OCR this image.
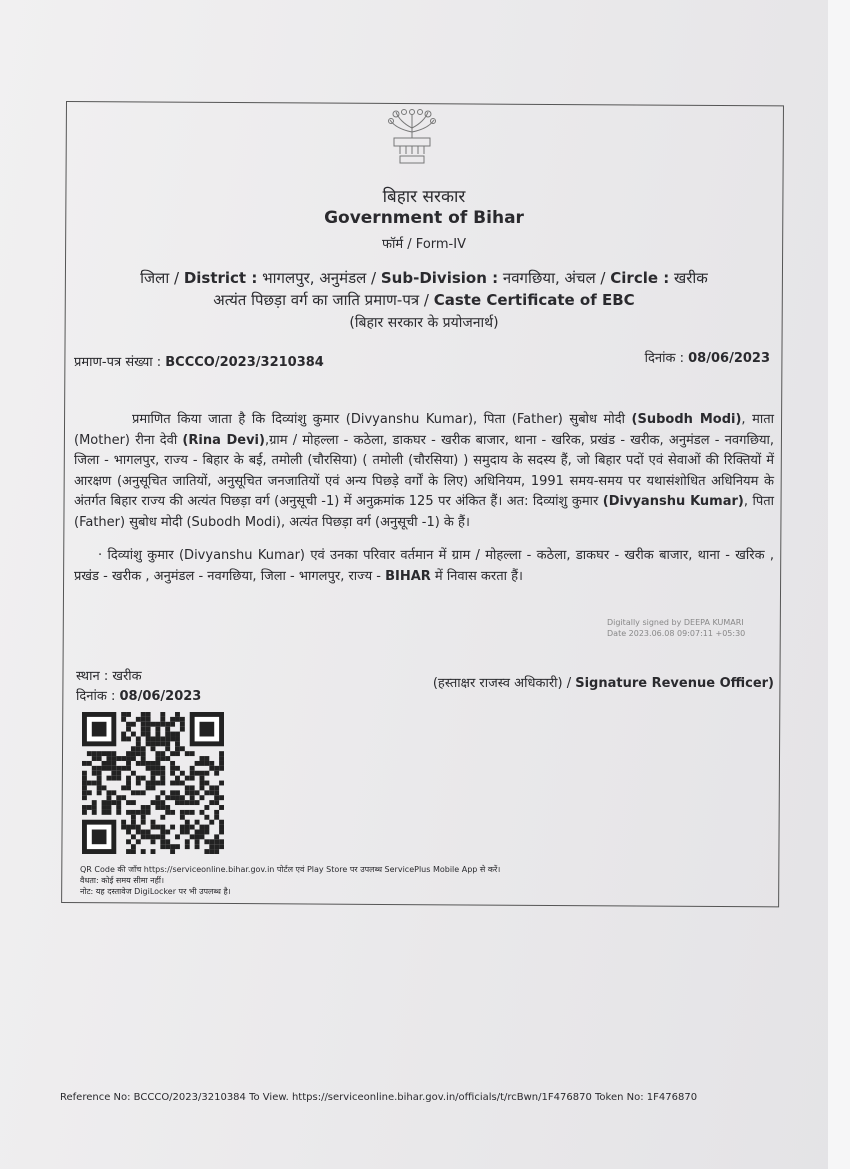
बिहार सरकार
Government of Bihar
फॉर्म / Form-IV
जिला / District : भागलपुर, अनुमंडल / Sub-Division : नवगछिया, अंचल / Circle : खरीक
अत्यंत पिछड़ा वर्ग का जाति प्रमाण-पत्र / Caste Certificate of EBC
(बिहार सरकार के प्रयोजनार्थ)
प्रमाण-पत्र संख्या : BCCCO/2023/3210384	दिनांक : 08/06/2023
प्रमाणित किया जाता है कि दिव्यांशु कुमार (Divyanshu Kumar), पिता (Father) सुबोध मोदी (Subodh Modi), माता (Mother) रीना देवी (Rina Devi),ग्राम / मोहल्ला - कठेला, डाकघर - खरीक बाजार, थाना - खरिक, प्रखंड - खरीक, अनुमंडल - नवगछिया, जिला - भागलपुर, राज्य - बिहार के बर्ई, तमोली (चौरसिया) ( तमोली (चौरसिया) ) समुदाय के सदस्य हैं, जो बिहार पदों एवं सेवाओं की रिक्तियों में आरक्षण (अनुसूचित जातियों, अनुसूचित जनजातियों एवं अन्य पिछड़े वर्गों के लिए) अधिनियम, 1991 समय-समय पर यथासंशोधित अधिनियम के अंतर्गत बिहार राज्य की अत्यंत पिछड़ा वर्ग (अनुसूची -1) में अनुक्रमांक 125 पर अंकित हैं। अत: दिव्यांशु कुमार (Divyanshu Kumar), पिता (Father) सुबोध मोदी (Subodh Modi), अत्यंत पिछड़ा वर्ग (अनुसूची -1) के हैं।
· दिव्यांशु कुमार (Divyanshu Kumar) एवं उनका परिवार वर्तमान में ग्राम / मोहल्ला - कठेला, डाकघर - खरीक बाजार, थाना - खरिक , प्रखंड - खरीक , अनुमंडल - नवगछिया, जिला - भागलपुर, राज्य - BIHAR में निवास करता हैं।
Digitally signed by DEEPA KUMARI
Date 2023.06.08 09:07:11 +05:30
स्थान : खरीक
दिनांक : 08/06/2023
(हस्ताक्षर राजस्व अधिकारी) / Signature Revenue Officer)
QR Code की जाँच https://serviceonline.bihar.gov.in पोर्टल एवं Play Store पर उपलब्ध ServicePlus Mobile App से करें।
वैधता: कोई समय सीमा नहीं।
नोट: यह दस्तावेज DigiLocker पर भी उपलब्ध है।
Reference No: BCCCO/2023/3210384 To View. https://serviceonline.bihar.gov.in/officials/t/rcBwn/1F476870 Token No: 1F476870
